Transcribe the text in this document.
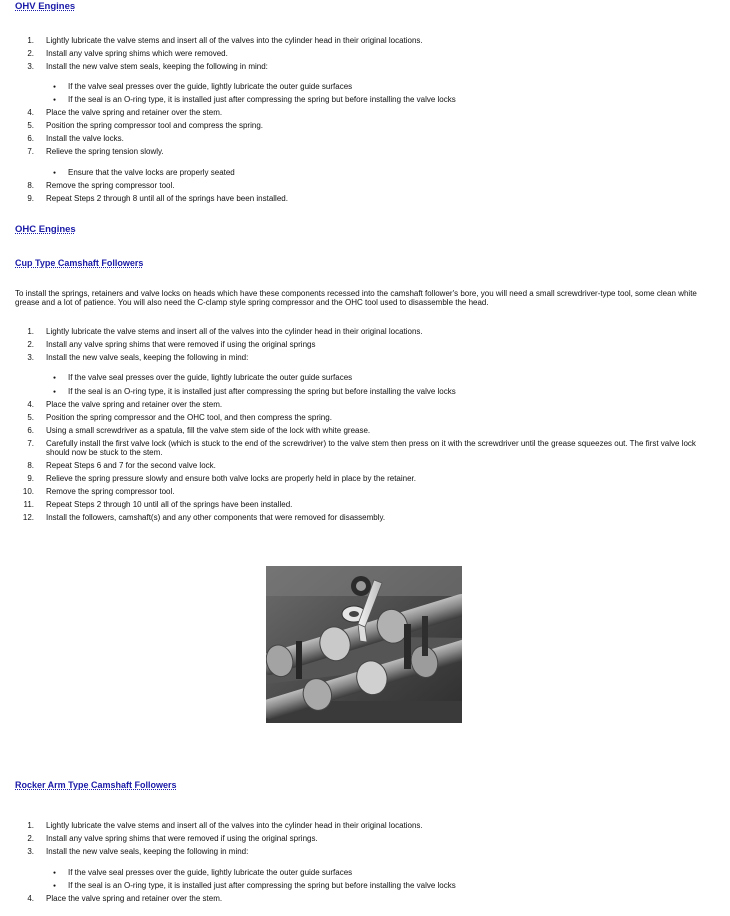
OHV Engines
1. Lightly lubricate the valve stems and insert all of the valves into the cylinder head in their original locations.
2. Install any valve spring shims which were removed.
3. Install the new valve stem seals, keeping the following in mind:
● If the valve seal presses over the guide, lightly lubricate the outer guide surfaces
● If the seal is an O-ring type, it is installed just after compressing the spring but before installing the valve locks
4. Place the valve spring and retainer over the stem.
5. Position the spring compressor tool and compress the spring.
6. Install the valve locks.
7. Relieve the spring tension slowly.
● Ensure that the valve locks are properly seated
8. Remove the spring compressor tool.
9. Repeat Steps 2 through 8 until all of the springs have been installed.
OHC Engines
Cup Type Camshaft Followers

To install the springs, retainers and valve locks on heads which have these components recessed into the camshaft follower's bore, you will need a small screwdriver-type tool, some clean white grease and a lot of patience. You will also need the C-clamp style spring compressor and the OHC tool used to disassemble the head.

1. Lightly lubricate the valve stems and insert all of the valves into the cylinder head in their original locations.
2. Install any valve spring shims that were removed if using the original springs
3. Install the new valve seals, keeping the following in mind:
● If the valve seal presses over the guide, lightly lubricate the outer guide surfaces
● If the seal is an O-ring type, it is installed just after compressing the spring but before installing the valve locks
4. Place the valve spring and retainer over the stem.
5. Position the spring compressor and the OHC tool, and then compress the spring.
6. Using a small screwdriver as a spatula, fill the valve stem side of the lock with white grease.
7. Carefully install the first valve lock (which is stuck to the end of the screwdriver) to the valve stem then press on it with the screwdriver until the grease squeezes out. The first valve lock should now be stuck to the stem.
8. Repeat Steps 6 and 7 for the second valve lock.
9. Relieve the spring pressure slowly and ensure both valve locks are properly held in place by the retainer.
10. Remove the spring compressor tool.
11. Repeat Steps 2 through 10 until all of the springs have been installed.
12. Install the followers, camshaft(s) and any other components that were removed for disassembly.
Rocker Arm Type Camshaft Followers
1. Lightly lubricate the valve stems and insert all of the valves into the cylinder head in their original locations.
2. Install any valve spring shims that were removed if using the original springs.
3. Install the new valve seals, keeping the following in mind:
● If the valve seal presses over the guide, lightly lubricate the outer guide surfaces
● If the seal is an O-ring type, it is installed just after compressing the spring but before installing the valve locks
4. Place the valve spring and retainer over the stem.
